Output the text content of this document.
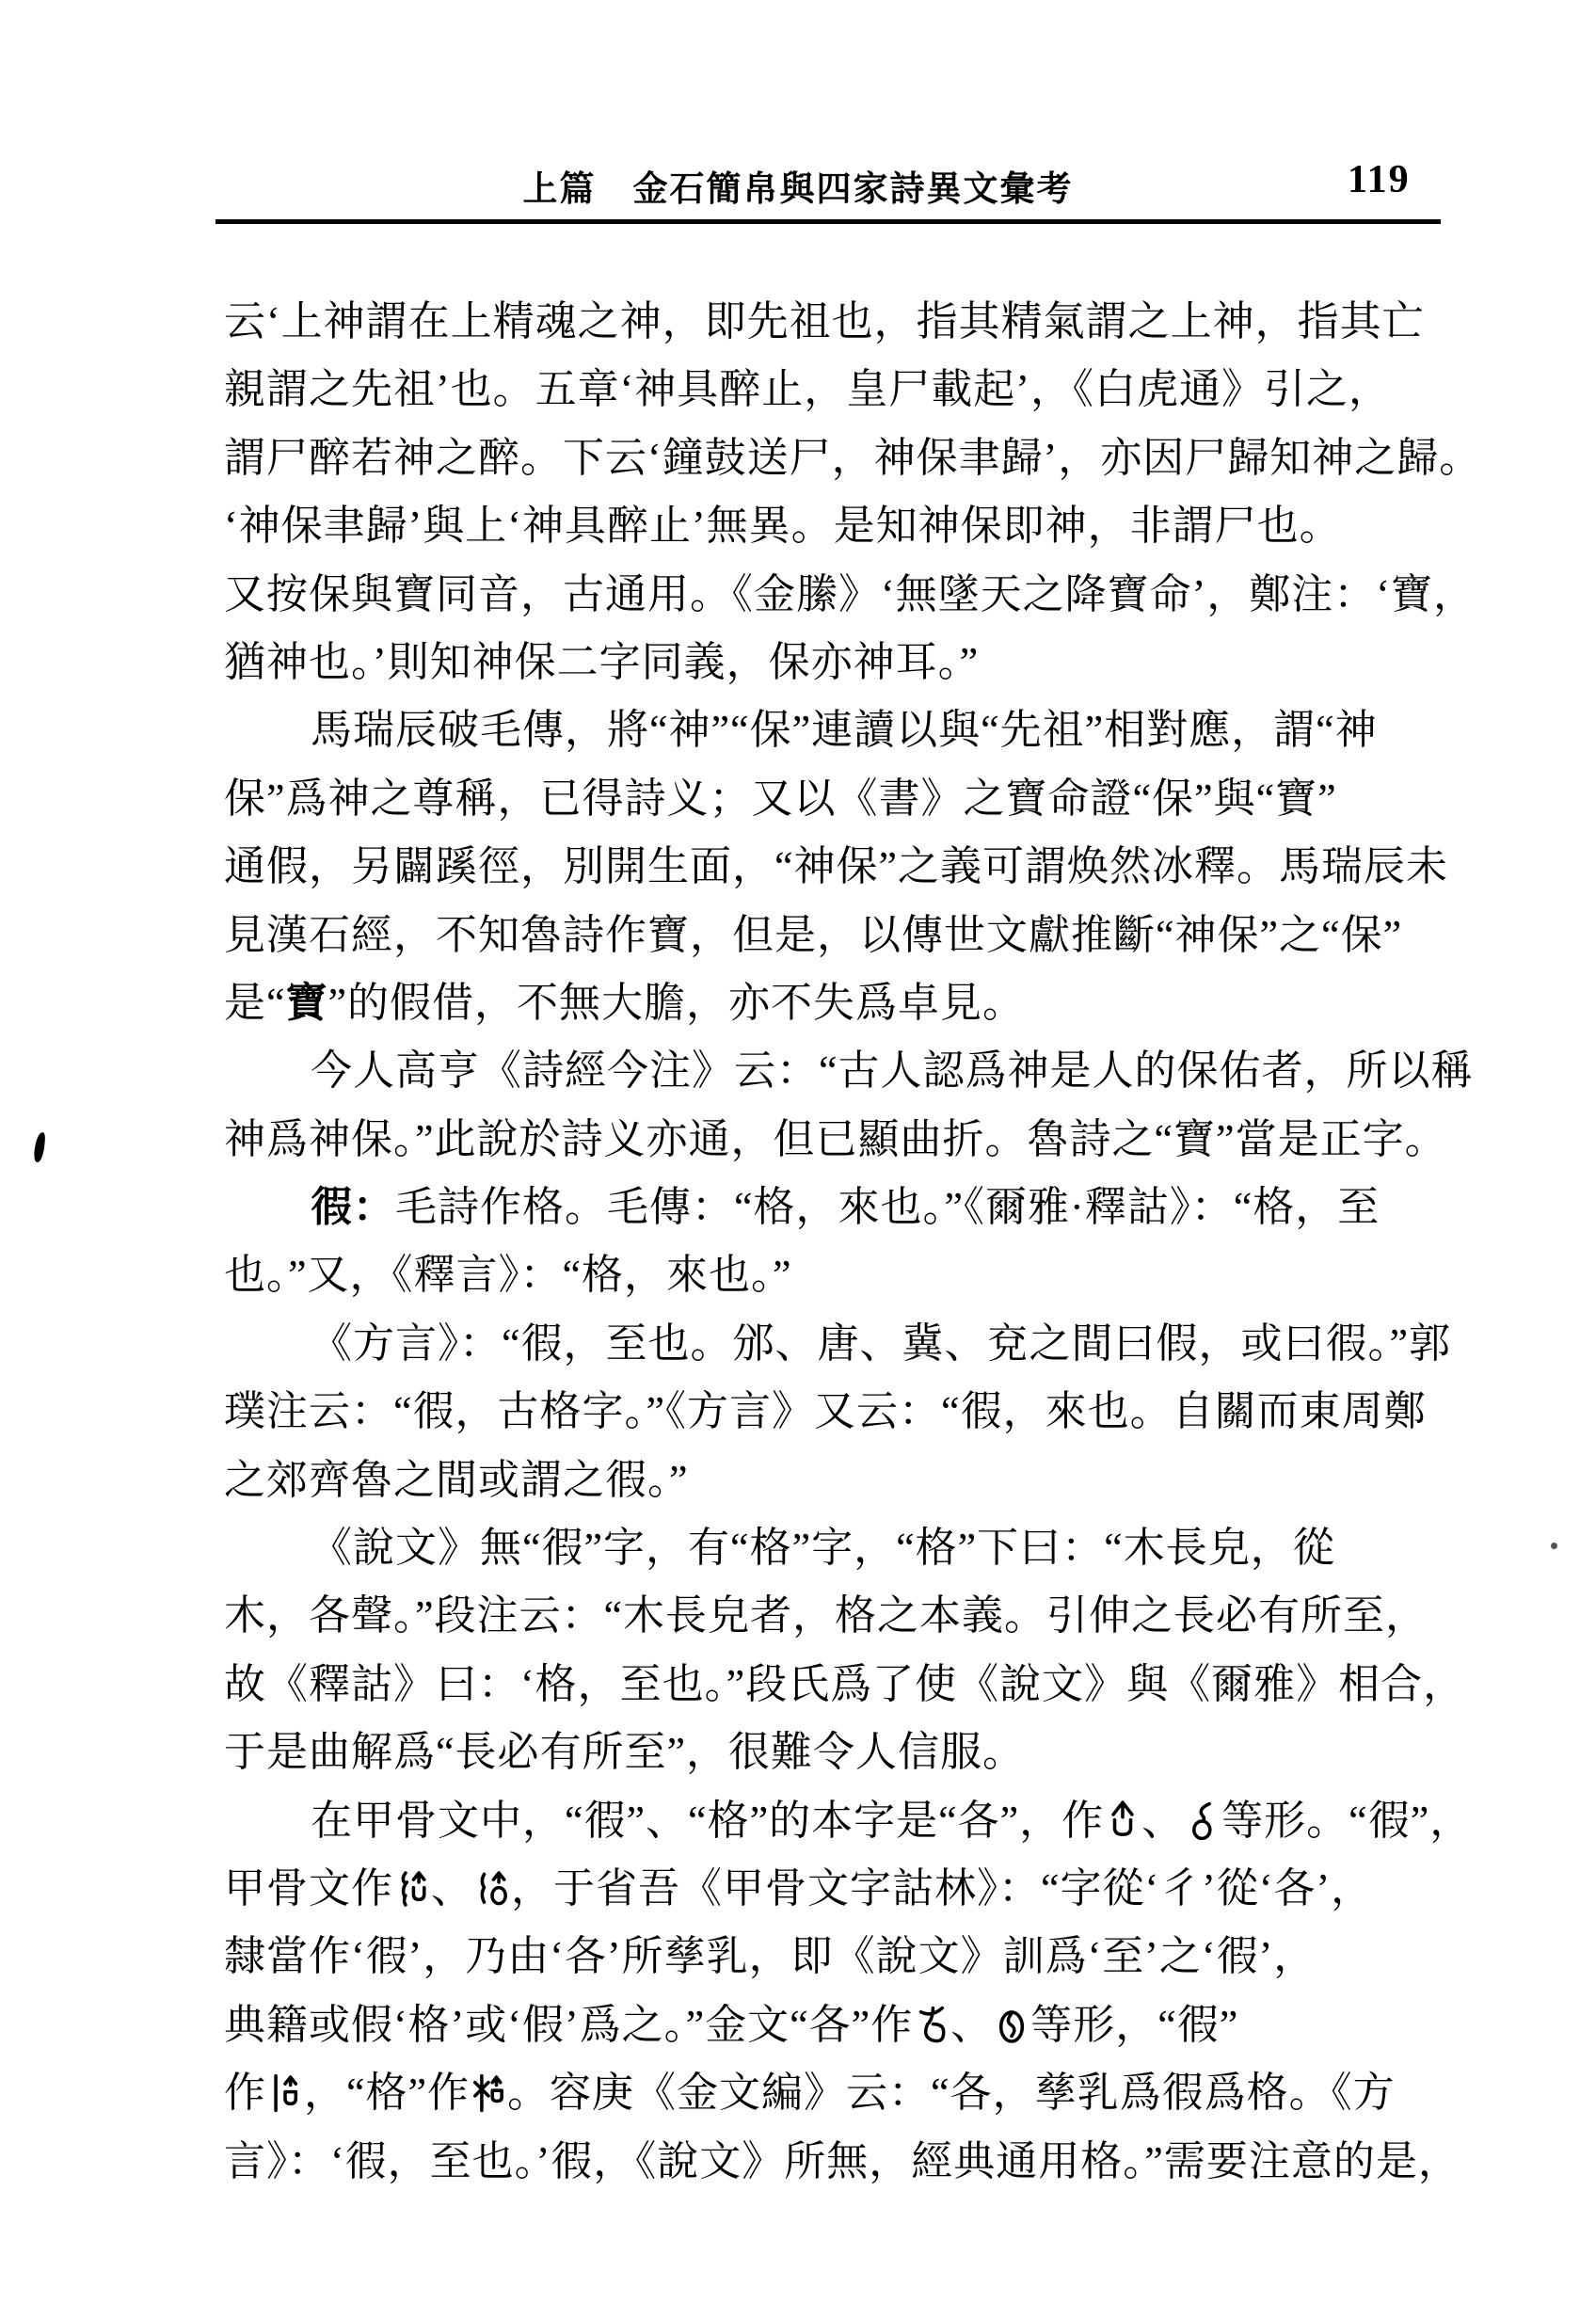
上篇　金石簡帛與四家詩異文彙考	119
云‘上神謂在上精魂之神，即先祖也，指其精氣謂之上神，指其亡
親謂之先祖’也。五章‘神具醉止，皇尸載起’，《白虎通》引之，
謂尸醉若神之醉。下云‘鐘鼓送尸，神保聿歸’，亦因尸歸知神之歸。
‘神保聿歸’與上‘神具醉止’無異。是知神保即神，非謂尸也。
又按保與寶同音，古通用。《金縢》‘無墜天之降寶命’，鄭注：‘寶，
猶神也。’則知神保二字同義，保亦神耳。”
馬瑞辰破毛傳，將“神”“保”連讀以與“先祖”相對應，謂“神
保”爲神之尊稱，已得詩义；又以《書》之寶命證“保”與“寶”
通假，另闢蹊徑，別開生面，“神保”之義可謂焕然冰釋。馬瑞辰未
見漢石經，不知魯詩作寶，但是，以傳世文獻推斷“神保”之“保”
是“寶”的假借，不無大膽，亦不失爲卓見。
今人高亨《詩經今注》云：“古人認爲神是人的保佑者，所以稱
神爲神保。”此說於詩义亦通，但已顯曲折。魯詩之“寶”當是正字。
徦：毛詩作格。毛傳：“格，來也。”《爾雅·釋詁》：“格，至
也。”又，《釋言》：“格，來也。”
《方言》：“徦，至也。邠、唐、冀、兗之間曰假，或曰徦。”郭
璞注云：“徦，古格字。”《方言》又云：“徦，來也。自關而東周鄭
之郊齊魯之間或謂之徦。”
《說文》無“徦”字，有“格”字，“格”下曰：“木長皃，從
木，各聲。”段注云：“木長皃者，格之本義。引伸之長必有所至，
故《釋詁》曰：‘格，至也。”段氏爲了使《說文》與《爾雅》相合，
于是曲解爲“長必有所至”，很難令人信服。
在甲骨文中，“徦”、“格”的本字是“各”，作 、 等形。“徦”，
甲骨文作 、 ，于省吾《甲骨文字詁林》：“字從‘彳’從‘各’，
隸當作‘徦’，乃由‘各’所孳乳，即《說文》訓爲‘至’之‘徦’，
典籍或假‘格’或‘假’爲之。”金文“各”作 、 等形，“徦”
作 ，“格”作 。容庚《金文編》云：“各，孳乳爲徦爲格。《方
言》：‘徦，至也。’徦，《說文》所無，經典通用格。”需要注意的是，
